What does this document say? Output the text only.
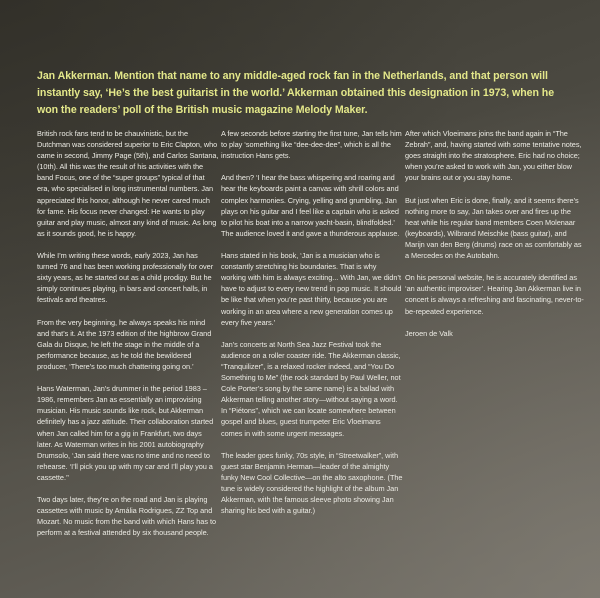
Jan Akkerman. Mention that name to any middle-aged rock fan in the Netherlands, and that person will instantly say, ‘He’s the best guitarist in the world.’ Akkerman obtained this designation in 1973, when he won the readers’ poll of the British music magazine Melody Maker.

British rock fans tend to be chauvinistic, but the Dutchman was considered superior to Eric Clapton, who came in second, Jimmy Page (5th), and Carlos Santana, (10th). All this was the result of his activities with the band Focus, one of the “super groups” typical of that era, who specialised in long instrumental numbers. Jan appreciated this honor, although he never cared much for fame. His focus never changed: He wants to play guitar and play music, almost any kind of music. As long as it sounds good, he is happy.

While I’m writing these words, early 2023, Jan has turned 76 and has been working professionally for over sixty years, as he started out as a child prodigy. But he simply continues playing, in bars and concert halls, in festivals and theatres.

From the very beginning, he always speaks his mind and that’s it. At the 1973 edition of the highbrow Grand Gala du Disque, he left the stage in the middle of a performance because, as he told the bewildered producer, ‘There’s too much chattering going on.’

Hans Waterman, Jan’s drummer in the period 1983 – 1986, remembers Jan as essentially an improvising musician. His music sounds like rock, but Akkerman definitely has a jazz attitude. Their collaboration started when Jan called him for a gig in Frankfurt, two days later. As Waterman writes in his 2001 autobiography Drumsolo, ‘Jan said there was no time and no need to rehearse. ‘I’ll pick you up with my car and I’ll play you a cassette.’’

Two days later, they’re on the road and Jan is playing cassettes with music by Amália Rodrigues, ZZ Top and Mozart. No music from the band with which Hans has to perform at a festival attended by six thousand people.

A few seconds before starting the first tune, Jan tells him to play ‘something like “dee-dee-dee”, which is all the instruction Hans gets.

And then? ‘I hear the bass whispering and roaring and hear the keyboards paint a canvas with shrill colors and complex harmonies. Crying, yelling and grumbling, Jan plays on his guitar and I feel like a captain who is asked to pilot his boat into a narrow yacht-basin, blindfolded.’ The audience loved it and gave a thunderous applause.

Hans stated in his book, ‘Jan is a musician who is constantly stretching his boundaries. That is why working with him is always exciting... With Jan, we didn’t have to adjust to every new trend in pop music. It should be like that when you’re past thirty, because you are working in an area where a new generation comes up every five years.’

Jan’s concerts at North Sea Jazz Festival took the audience on a roller coaster ride. The Akkerman classic, “Tranquilizer”, is a relaxed rocker indeed, and “You Do Something to Me” (the rock standard by Paul Weller, not Cole Porter’s song by the same name) is a ballad with Akkerman telling another story—without saying a word. In “Piétons”, which we can locate somewhere between gospel and blues, guest trumpeter Eric Vloeimans comes in with some urgent messages.

The leader goes funky, 70s style, in “Streetwalker”, with guest star Benjamin Herman—leader of the almighty funky New Cool Collective—on the alto saxophone. (The tune is widely considered the highlight of the album Jan Akkerman, with the famous sleeve photo showing Jan sharing his bed with a guitar.)

After which Vloeimans joins the band again in “The Zebrah”, and, having started with some tentative notes, goes straight into the stratosphere. Eric had no choice; when you’re asked to work with Jan, you either blow your brains out or you stay home.

But just when Eric is done, finally, and it seems there’s nothing more to say, Jan takes over and fires up the heat while his regular band members Coen Molenaar (keyboards), Wilbrand Meischke (bass guitar), and Marijn van den Berg (drums) race on as comfortably as a Mercedes on the Autobahn.

On his personal website, he is accurately identified as ‘an authentic improviser’. Hearing Jan Akkerman live in concert is always a refreshing and fascinating, never-to-be-repeated experience.

Jeroen de Valk
